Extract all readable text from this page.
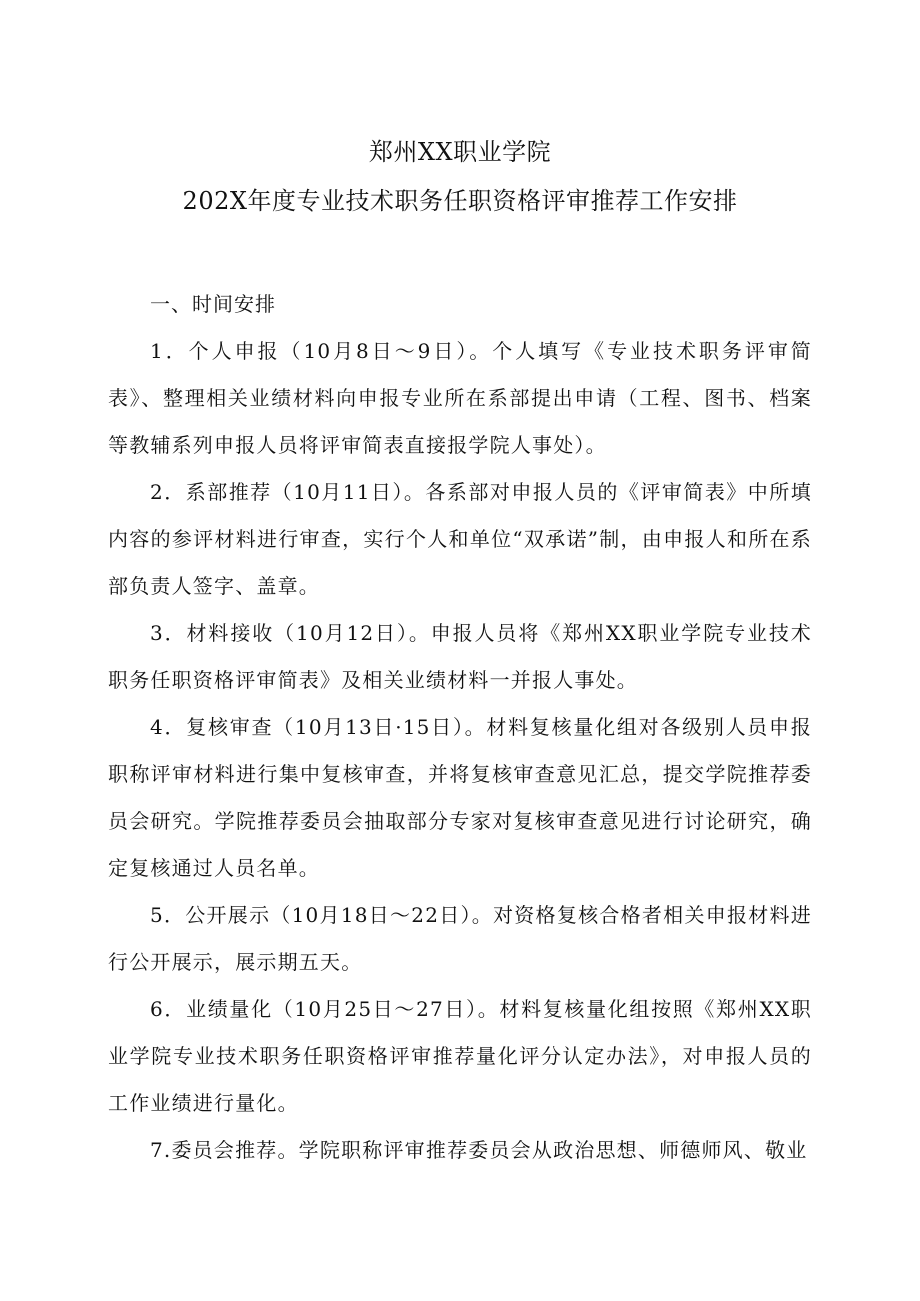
郑州XX职业学院
202X年度专业技术职务任职资格评审推荐工作安排

一、时间安排

1．个人申报（10月8日～9日）。个人填写《专业技术职务评审简表》、整理相关业绩材料向申报专业所在系部提出申请（工程、图书、档案等教辅系列申报人员将评审简表直接报学院人事处）。

2．系部推荐（10月11日）。各系部对申报人员的《评审简表》中所填内容的参评材料进行审查，实行个人和单位“双承诺”制，由申报人和所在系部负责人签字、盖章。

3．材料接收（10月12日）。申报人员将《郑州XX职业学院专业技术职务任职资格评审简表》及相关业绩材料一并报人事处。

4．复核审查（10月13日·15日）。材料复核量化组对各级别人员申报职称评审材料进行集中复核审查，并将复核审查意见汇总，提交学院推荐委员会研究。学院推荐委员会抽取部分专家对复核审查意见进行讨论研究，确定复核通过人员名单。

5．公开展示（10月18日～22日）。对资格复核合格者相关申报材料进行公开展示，展示期五天。

6．业绩量化（10月25日～27日）。材料复核量化组按照《郑州XX职业学院专业技术职务任职资格评审推荐量化评分认定办法》，对申报人员的工作业绩进行量化。

7.委员会推荐。学院职称评审推荐委员会从政治思想、师德师风、敬业
